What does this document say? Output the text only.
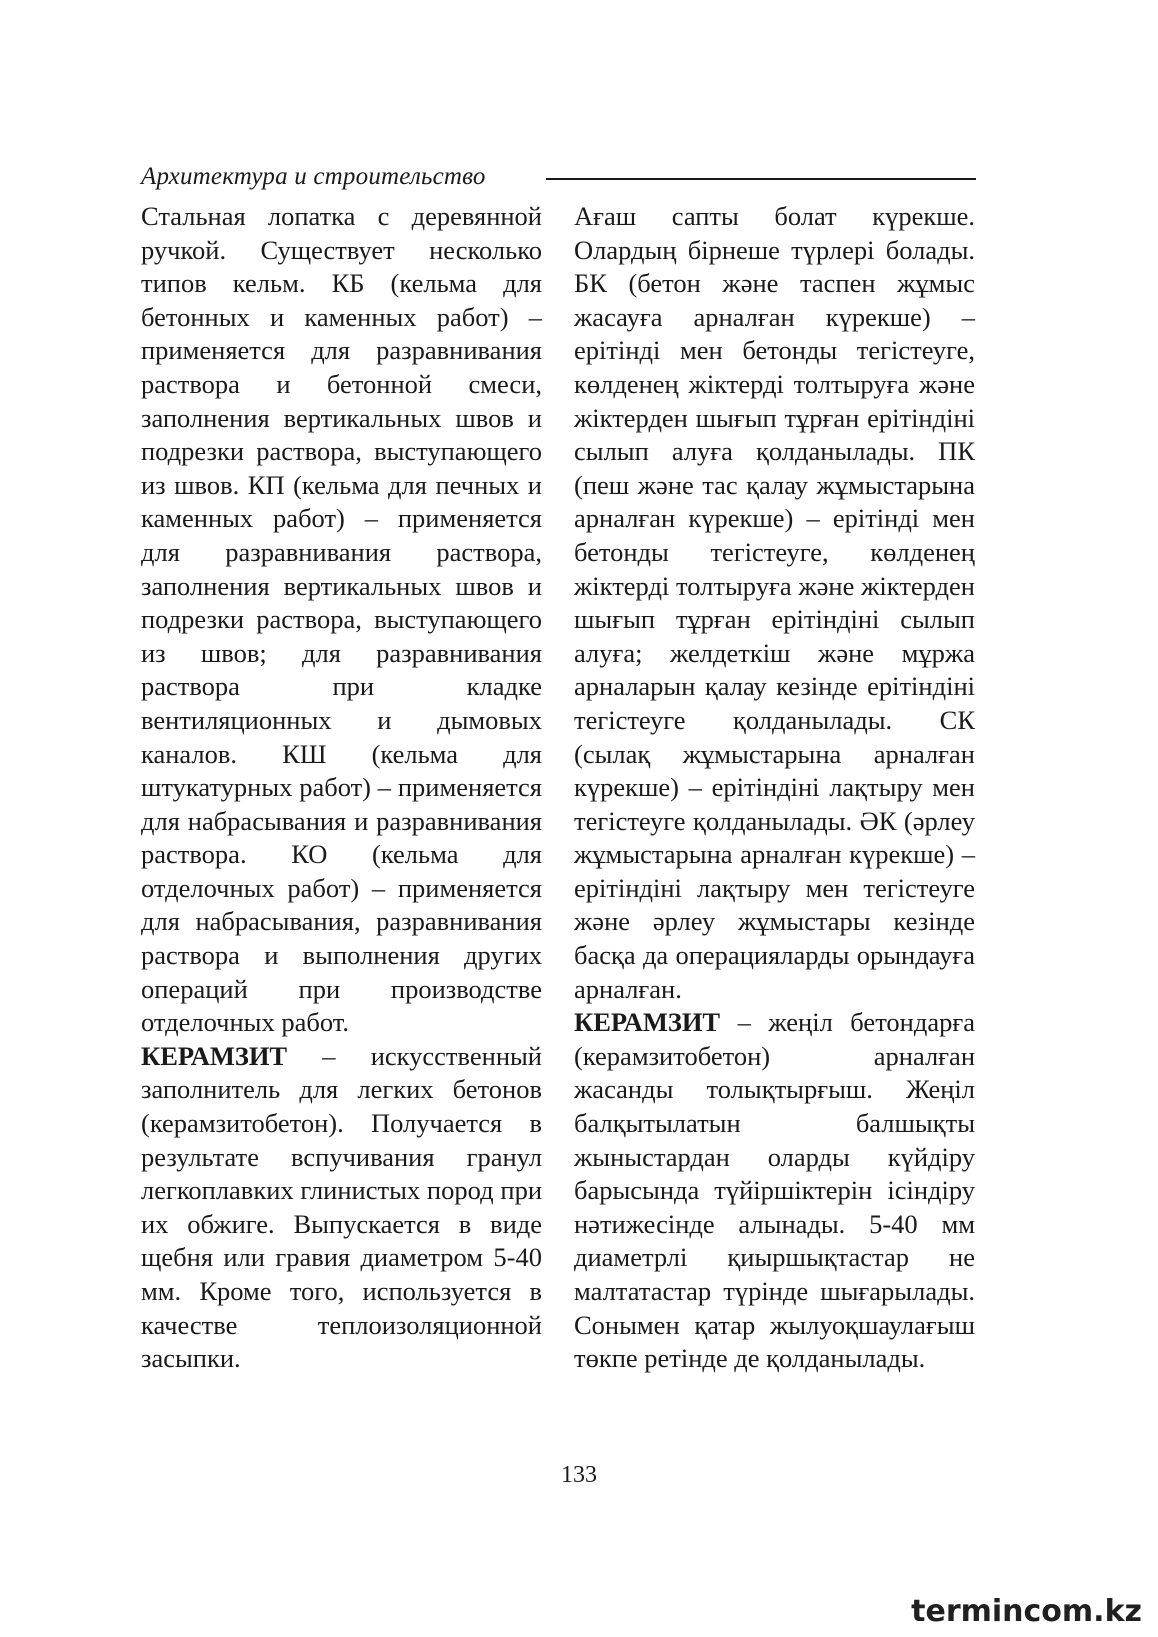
Архитектура и строительство

Стальная лопатка с деревянной ручкой. Существует несколько типов кельм. КБ (кельма для бетонных и каменных работ) – применяется для разравнивания раствора и бетонной смеси, заполнения вертикальных швов и подрезки раствора, выступающего из швов. КП (кельма для печных и каменных работ) – применяется для разравнивания раствора, заполнения вертикальных швов и подрезки раствора, выступающего из швов; для разравнивания раствора при кладке вентиляционных и дымовых каналов. КШ (кельма для штукатурных работ) – применяется для набрасывания и разравнивания раствора. КО (кельма для отделочных работ) – применяется для набрасывания, разравнивания раствора и выполнения других операций при производстве отделочных работ.

КЕРАМЗИТ – искусственный заполнитель для легких бетонов (керамзитобетон). Получается в результате вспучивания гранул легкоплавких глинистых пород при их обжиге. Выпускается в виде щебня или гравия диаметром 5-40 мм. Кроме того, используется в качестве теплоизоляционной засыпки.

Ағаш сапты болат күрекше. Олардың бірнеше түрлері болады. БК (бетон және таспен жұмыс жасауға арналған күрекше) – ерітінді мен бетонды тегістеуге, көлденең жіктерді толтыруға және жіктерден шығып тұрған ерітіндіні сылып алуға қолданылады. ПК (пеш және тас қалау жұмыстарына арналған күрекше) – ерітінді мен бетонды тегістеуге, көлденең жіктерді толтыруға және жіктерден шығып тұрған ерітіндіні сылып алуға; желдеткіш және мұржа арналарын қалау кезінде ерітіндіні тегістеуге қолданылады. СК (сылақ жұмыстарына арналған күрекше) – ерітіндіні лақтыру мен тегістеуге қолданылады. ӘК (әрлеу жұмыстарына арналған күрекше) – ерітіндіні лақтыру мен тегістеуге және әрлеу жұмыстары кезінде басқа да операцияларды орындауға арналған.

КЕРАМЗИТ – жеңіл бетондарға (керамзитобетон) арналған жасанды толықтырғыш. Жеңіл балқытылатын балшықты жыныстардан оларды күйдіру барысында түйіршіктерін ісіндіру нәтижесінде алынады. 5-40 мм диаметрлі қиыршықтастар не малтатастар түрінде шығарылады. Сонымен қатар жылуоқшаулағыш төкпе ретінде де қолданылады.

133
termincom.kz
